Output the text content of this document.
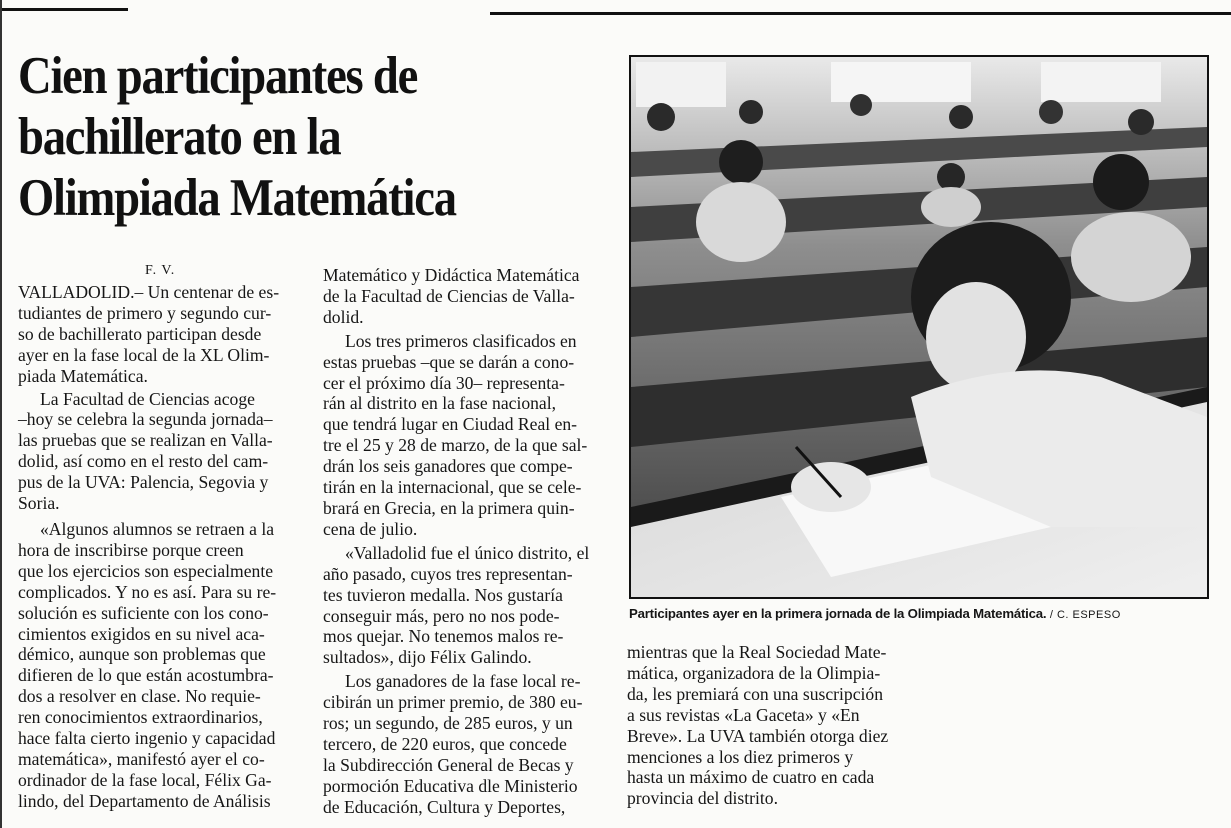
Cien participantes de
bachillerato en la
Olimpiada Matemática
F. V.

VALLADOLID.– Un centenar de es-
tudiantes de primero y segundo cur-
so de bachillerato participan desde
ayer en la fase local de la XL Olim-
piada Matemática.

La Facultad de Ciencias acoge
–hoy se celebra la segunda jornada–
las pruebas que se realizan en Valla-
dolid, así como en el resto del cam-
pus de la UVA: Palencia, Segovia y
Soria.

«Algunos alumnos se retraen a la
hora de inscribirse porque creen
que los ejercicios son especialmente
complicados. Y no es así. Para su re-
solución es suficiente con los cono-
cimientos exigidos en su nivel aca-
démico, aunque son problemas que
difieren de lo que están acostumbra-
dos a resolver en clase. No requie-
ren conocimientos extraordinarios,
hace falta cierto ingenio y capacidad
matemática», manifestó ayer el co-
ordinador de la fase local, Félix Ga-
lindo, del Departamento de Análisis

Matemático y Didáctica Matemática
de la Facultad de Ciencias de Valla-
dolid.

Los tres primeros clasificados en
estas pruebas –que se darán a cono-
cer el próximo día 30– representa-
rán al distrito en la fase nacional,
que tendrá lugar en Ciudad Real en-
tre el 25 y 28 de marzo, de la que sal-
drán los seis ganadores que compe-
tirán en la internacional, que se cele-
brará en Grecia, en la primera quin-
cena de julio.

«Valladolid fue el único distrito, el
año pasado, cuyos tres representan-
tes tuvieron medalla. Nos gustaría
conseguir más, pero no nos pode-
mos quejar. No tenemos malos re-
sultados», dijo Félix Galindo.

Los ganadores de la fase local re-
cibirán un primer premio, de 380 eu-
ros; un segundo, de 285 euros, y un
tercero, de 220 euros, que concede
la Subdirección General de Becas y
pormoción Educativa dle Ministerio
de Educación, Cultura y Deportes,

Participantes ayer en la primera jornada de la Olimpiada Matemática. / C. ESPESO

mientras que la Real Sociedad Mate-
mática, organizadora de la Olimpia-
da, les premiará con una suscripción
a sus revistas «La Gaceta» y «En
Breve». La UVA también otorga diez
menciones a los diez primeros y
hasta un máximo de cuatro en cada
provincia del distrito.
